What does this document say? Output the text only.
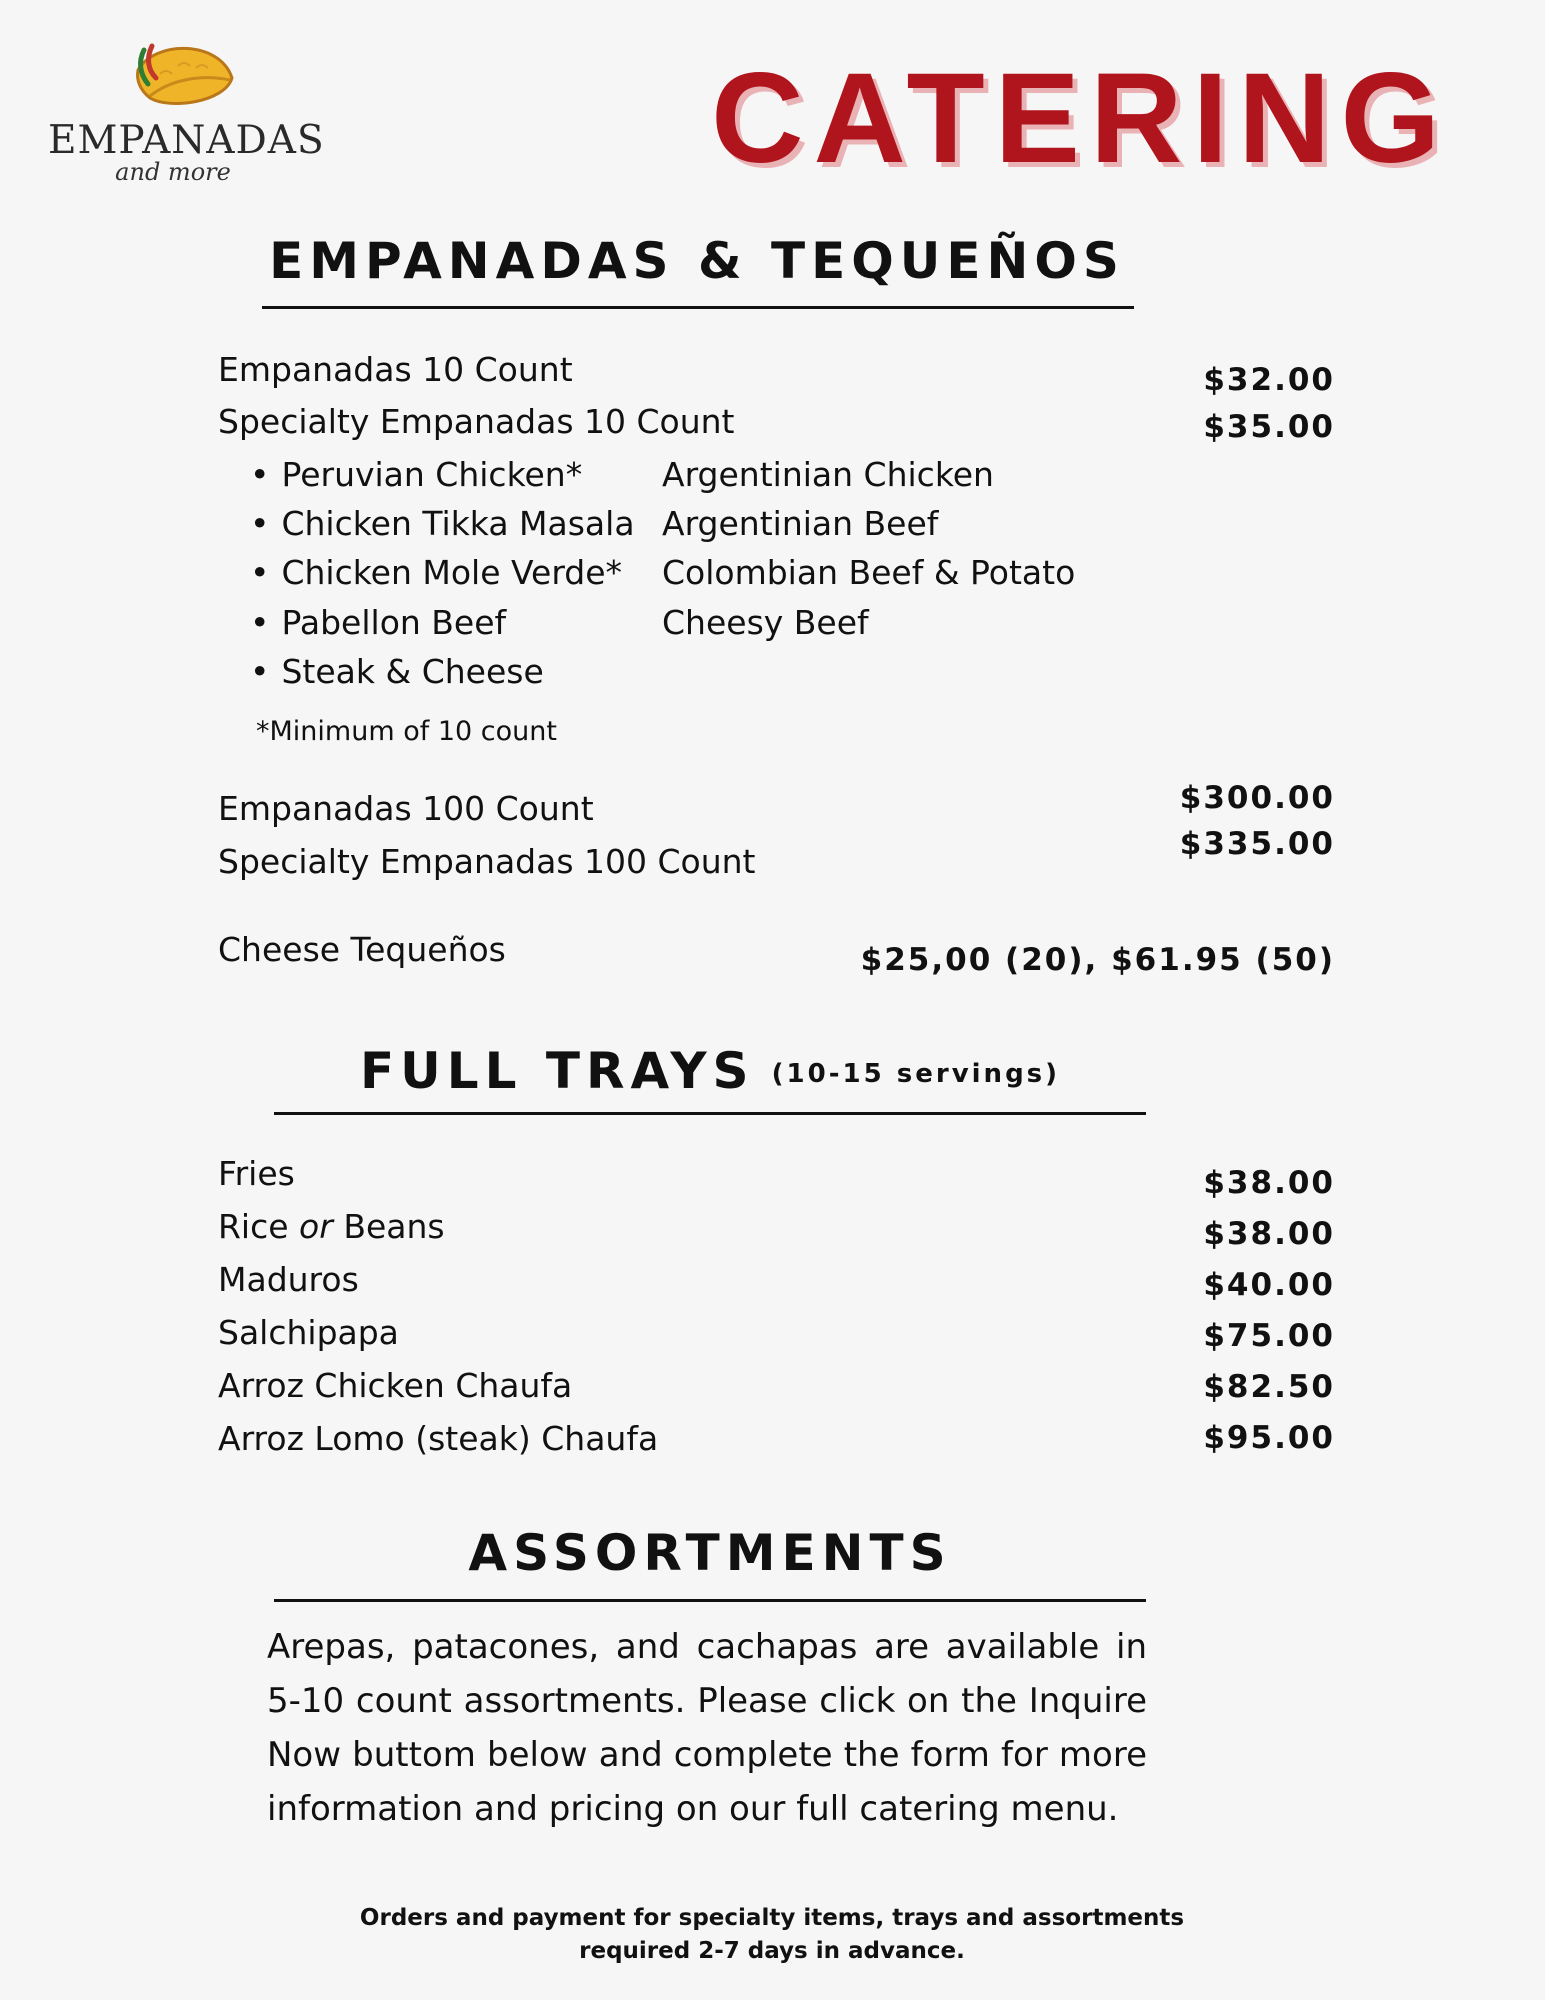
EMPANADAS
and more	CATERING
EMPANADAS & TEQUEÑOS
Empanadas 10 Count	$32.00
Specialty Empanadas 10 Count	$35.00
• Peruvian Chicken*
• Chicken Tikka Masala
• Chicken Mole Verde*
• Pabellon Beef
• Steak & Cheese
Argentinian Chicken
Argentinian Beef
Colombian Beef & Potato
Cheesy Beef
*Minimum of 10 count
Empanadas 100 Count	$300.00
Specialty Empanadas 100 Count	$335.00
Cheese Tequeños	$25,00 (20), $61.95 (50)
FULL TRAYS (10-15 servings)
Fries	$38.00
Rice or Beans	$38.00
Maduros	$40.00
Salchipapa	$75.00
Arroz Chicken Chaufa	$82.50
Arroz Lomo (steak) Chaufa	$95.00
ASSORTMENTS
Arepas, patacones, and cachapas are available in 5-10 count assortments. Please click on the Inquire Now buttom below and complete the form for more information and pricing on our full catering menu.
Orders and payment for specialty items, trays and assortments
required 2-7 days in advance.
